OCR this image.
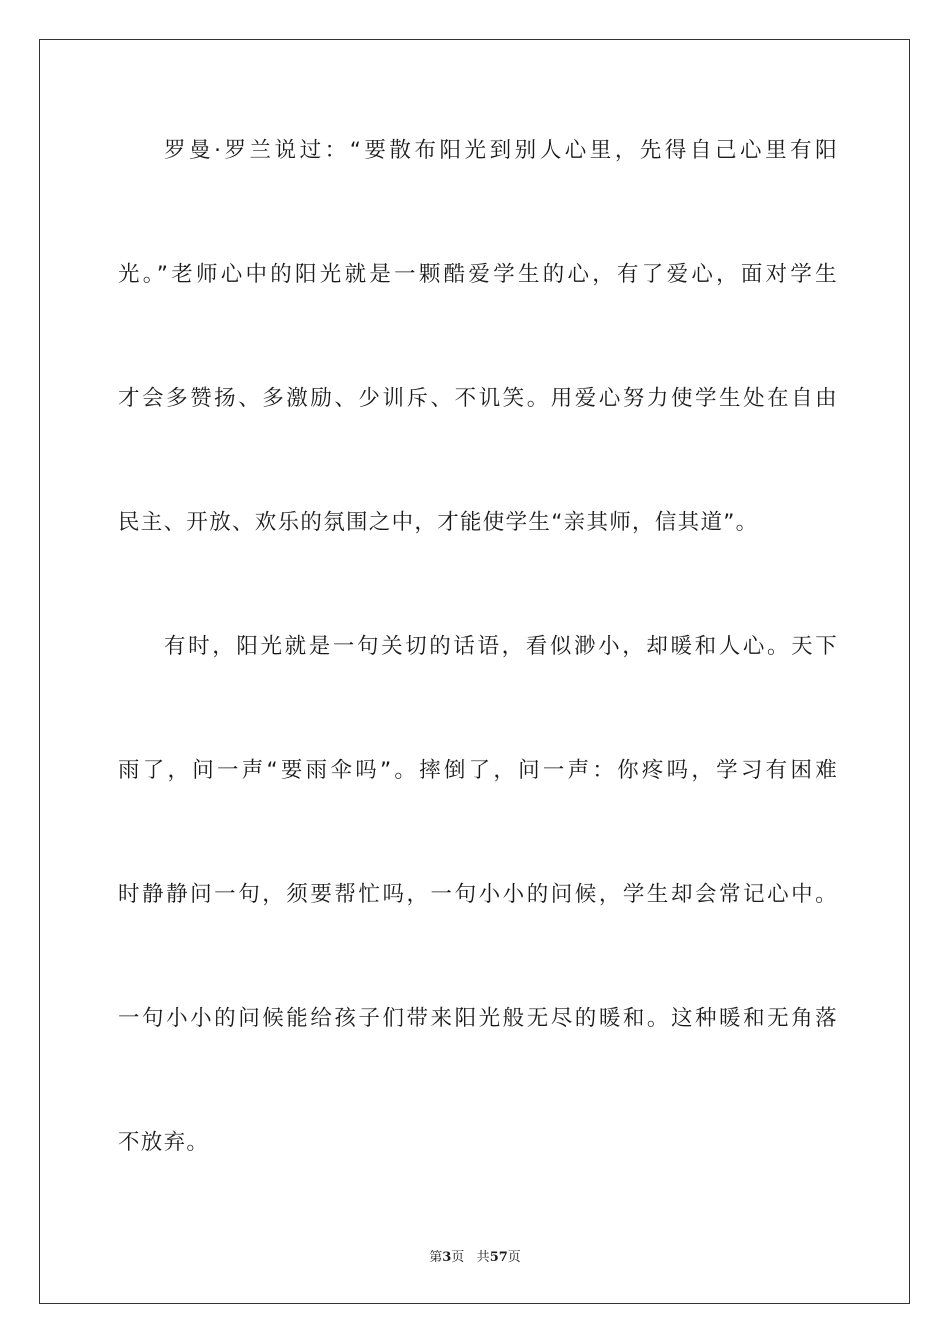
罗曼·罗兰说过：“要散布阳光到别人心里，先得自己心里有阳
光。”老师心中的阳光就是一颗酷爱学生的心，有了爱心，面对学生
才会多赞扬、多激励、少训斥、不讥笑。用爱心努力使学生处在自由
民主、开放、欢乐的氛围之中，才能使学生“亲其师，信其道”。
有时，阳光就是一句关切的话语，看似渺小，却暖和人心。天下
雨了，问一声“要雨伞吗”。摔倒了，问一声：你疼吗，学习有困难
时静静问一句，须要帮忙吗，一句小小的问候，学生却会常记心中。
一句小小的问候能给孩子们带来阳光般无尽的暖和。这种暖和无角落
不放弃。
第3页 共57页
